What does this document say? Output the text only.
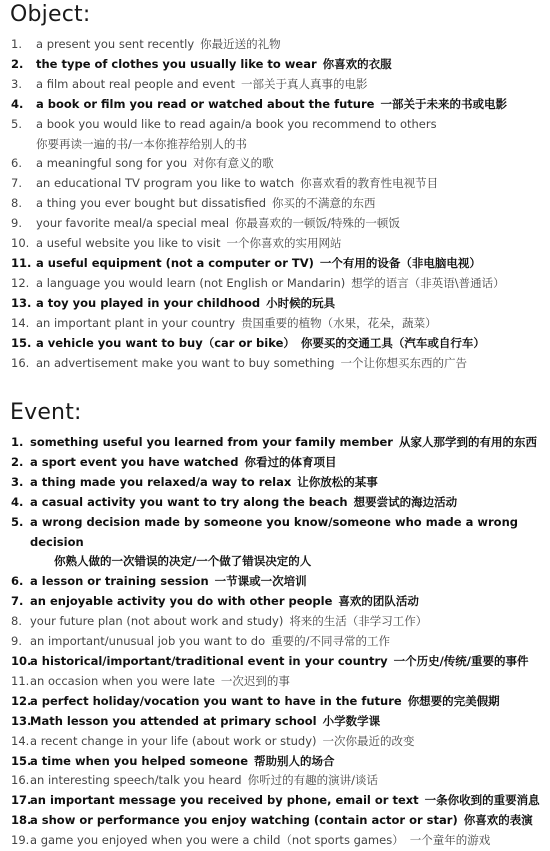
Object:
1. a present you sent recently 你最近送的礼物
2. the type of clothes you usually like to wear 你喜欢的衣服
3. a film about real people and event 一部关于真人真事的电影
4. a book or film you read or watched about the future 一部关于未来的书或电影
5. a book you would like to read again/a book you recommend to others
你要再读一遍的书/一本你推荐给别人的书
6. a meaningful song for you 对你有意义的歌
7. an educational TV program you like to watch 你喜欢看的教育性电视节目
8. a thing you ever bought but dissatisfied 你买的不满意的东西
9. your favorite meal/a special meal 你最喜欢的一顿饭/特殊的一顿饭
10. a useful website you like to visit 一个你喜欢的实用网站
11. a useful equipment (not a computer or TV) 一个有用的设备（非电脑电视）
12. a language you would learn (not English or Mandarin) 想学的语言（非英语\普通话）
13. a toy you played in your childhood 小时候的玩具
14. an important plant in your country 贵国重要的植物（水果，花朵，蔬菜）
15. a vehicle you want to buy（car or bike） 你要买的交通工具（汽车或自行车）
16. an advertisement make you want to buy something 一个让你想买东西的广告
Event:
1. something useful you learned from your family member 从家人那学到的有用的东西
2. a sport event you have watched 你看过的体育项目
3. a thing made you relaxed/a way to relax 让你放松的某事
4. a casual activity you want to try along the beach 想要尝试的海边活动
5. a wrong decision made by someone you know/someone who made a wrong decision
你熟人做的一次错误的决定/一个做了错误决定的人
6. a lesson or training session 一节课或一次培训
7. an enjoyable activity you do with other people 喜欢的团队活动
8. your future plan (not about work and study) 将来的生活（非学习工作）
9. an important/unusual job you want to do 重要的/不同寻常的工作
10.
a historical/important/traditional event in your country 一个历史/传统/重要的事件
11. an occasion when you were late 一次迟到的事
12.
a perfect holiday/vocation you want to have in the future 你想要的完美假期
13.
Math lesson you attended at primary school 小学数学课
14. a recent change in your life (about work or study) 一次你最近的改变
15.
a time when you helped someone 帮助别人的场合
16. an interesting speech/talk you heard 你听过的有趣的演讲/谈话
17.
an important message you received by phone, email or text 一条你收到的重要消息
18.
a show or performance you enjoy watching (contain actor or star) 你喜欢的表演
19. a game you enjoyed when you were a child（not sports games） 一个童年的游戏
